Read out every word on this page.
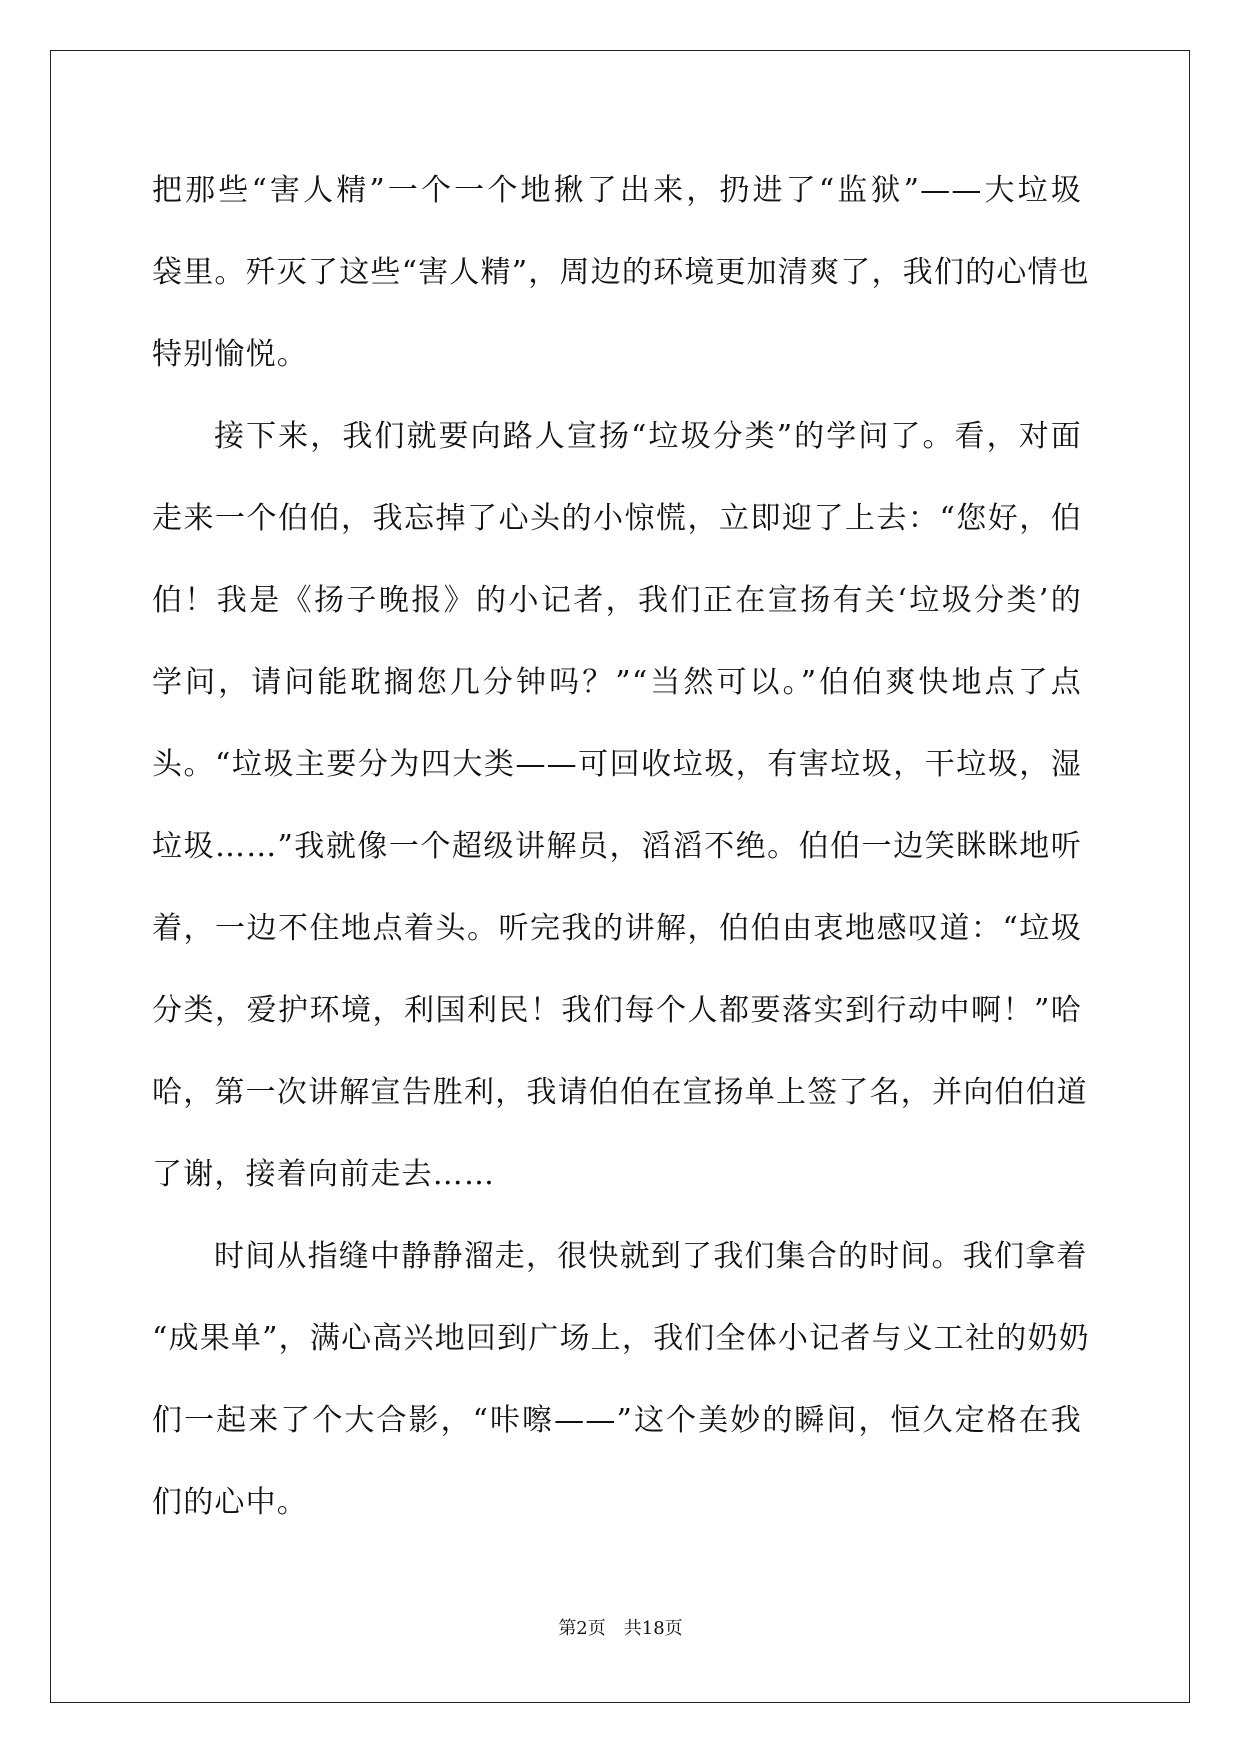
把那些“害人精”一个一个地揪了出来，扔进了“监狱”——大垃圾
袋里。歼灭了这些“害人精”，周边的环境更加清爽了，我们的心情也
特别愉悦。
接下来，我们就要向路人宣扬“垃圾分类”的学问了。看，对面
走来一个伯伯，我忘掉了心头的小惊慌，立即迎了上去：“您好，伯
伯！我是《扬子晚报》的小记者，我们正在宣扬有关‘垃圾分类’的
学问，请问能耽搁您几分钟吗？”“当然可以。”伯伯爽快地点了点
头。“垃圾主要分为四大类——可回收垃圾，有害垃圾，干垃圾，湿
垃圾……”我就像一个超级讲解员，滔滔不绝。伯伯一边笑眯眯地听
着，一边不住地点着头。听完我的讲解，伯伯由衷地感叹道：“垃圾
分类，爱护环境，利国利民！我们每个人都要落实到行动中啊！”哈
哈，第一次讲解宣告胜利，我请伯伯在宣扬单上签了名，并向伯伯道
了谢，接着向前走去……
时间从指缝中静静溜走，很快就到了我们集合的时间。我们拿着
“成果单”，满心高兴地回到广场上，我们全体小记者与义工社的奶奶
们一起来了个大合影，“咔嚓——”这个美妙的瞬间，恒久定格在我
们的心中。
第2页　共18页
